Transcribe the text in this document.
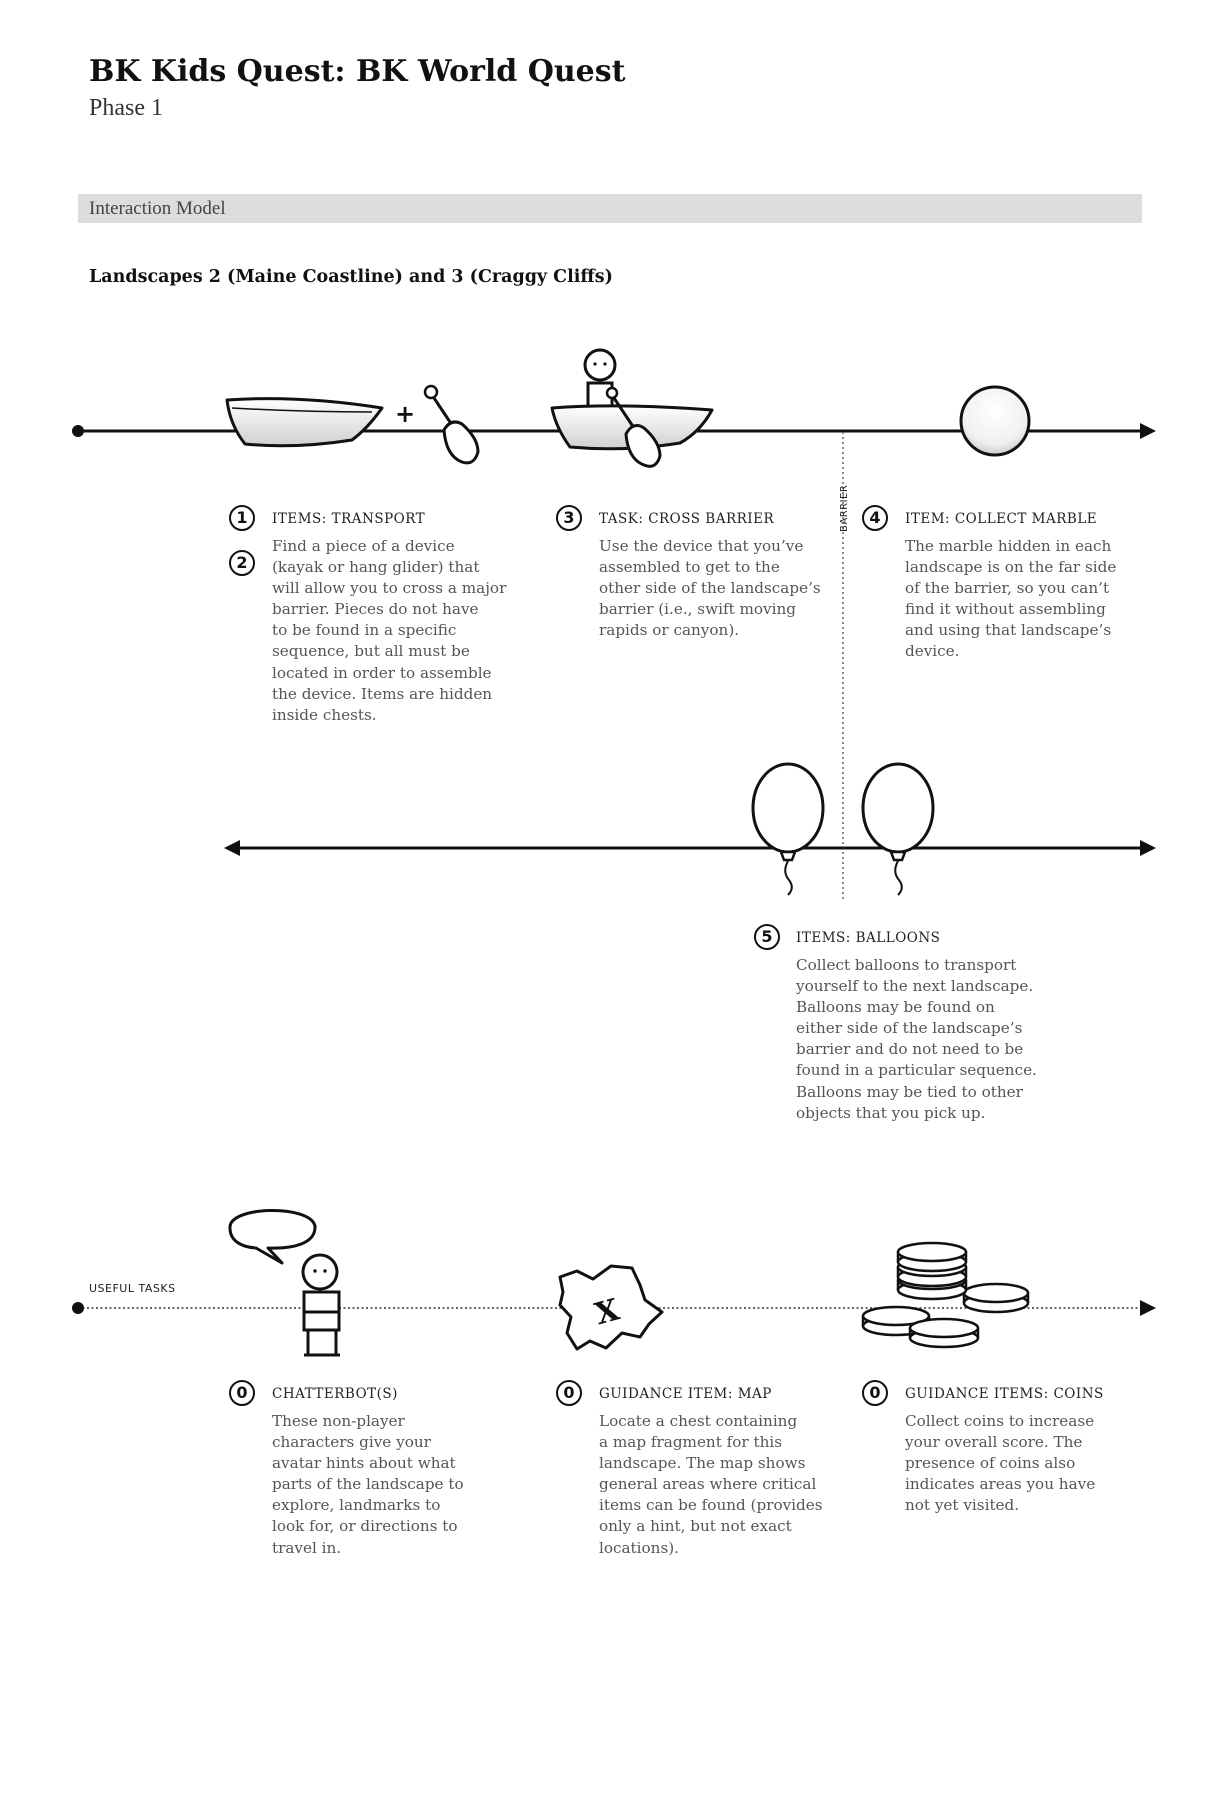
BK Kids Quest: BK World Quest
Phase 1
Interaction Model
Landscapes 2 (Maine Coastline) and 3 (Craggy Cliffs)
+
X
BARRIER
USEFUL TASKS
1	ITEMS: TRANSPORT
2
Find a piece of a device
(kayak or hang glider) that
will allow you to cross a major
barrier. Pieces do not have
to be found in a specific
sequence, but all must be
located in order to assemble
the device. Items are hidden
inside chests.
3	TASK: CROSS BARRIER
Use the device that you’ve
assembled to get to the
other side of the landscape’s
barrier (i.e., swift moving
rapids or canyon).
4	ITEM: COLLECT MARBLE
The marble hidden in each
landscape is on the far side
of the barrier, so you can’t
find it without assembling
and using that landscape’s
device.
5	ITEMS: BALLOONS
Collect balloons to transport
yourself to the next landscape.
Balloons may be found on
either side of the landscape’s
barrier and do not need to be
found in a particular sequence.
Balloons may be tied to other
objects that you pick up.
0	CHATTERBOT(S)
These non-player
characters give your
avatar hints about what
parts of the landscape to
explore, landmarks to
look for, or directions to
travel in.
0	GUIDANCE ITEM: MAP
Locate a chest containing
a map fragment for this
landscape. The map shows
general areas where critical
items can be found (provides
only a hint, but not exact
locations).
0	GUIDANCE ITEMS: COINS
Collect coins to increase
your overall score. The
presence of coins also
indicates areas you have
not yet visited.
